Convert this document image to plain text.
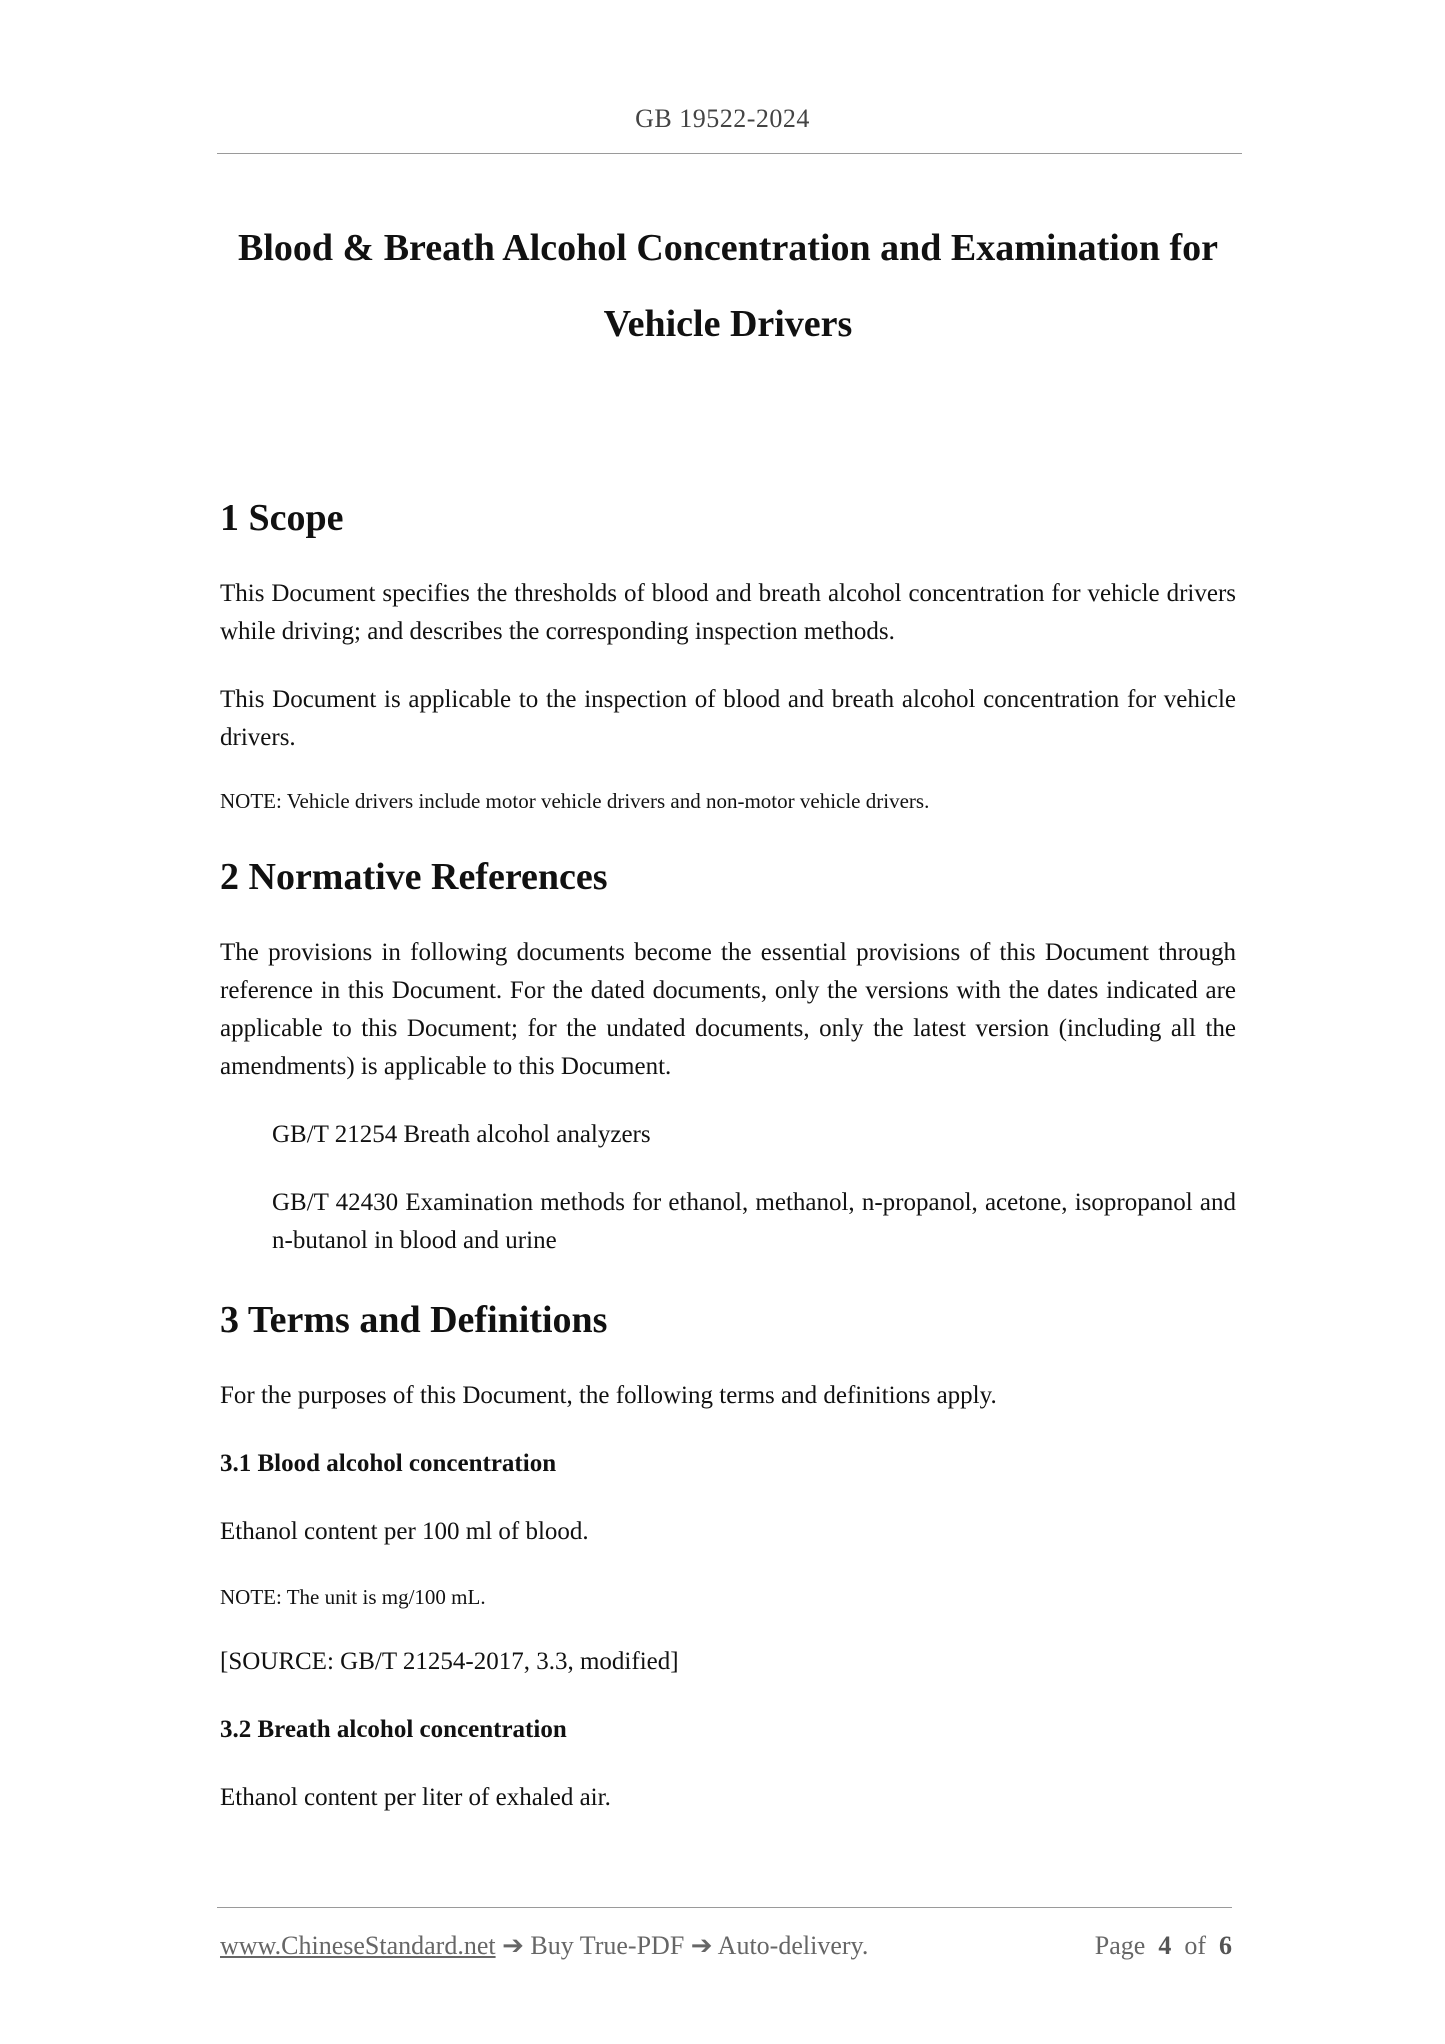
GB 19522-2024
Blood & Breath Alcohol Concentration and Examination for
Vehicle Drivers
1 Scope

This Document specifies the thresholds of blood and breath alcohol concentration for vehicle drivers while driving; and describes the corresponding inspection methods.

This Document is applicable to the inspection of blood and breath alcohol concentration for vehicle drivers.

NOTE: Vehicle drivers include motor vehicle drivers and non-motor vehicle drivers.

2 Normative References

The provisions in following documents become the essential provisions of this Document through reference in this Document. For the dated documents, only the versions with the dates indicated are applicable to this Document; for the undated documents, only the latest version (including all the amendments) is applicable to this Document.

GB/T 21254 Breath alcohol analyzers

GB/T 42430 Examination methods for ethanol, methanol, n-propanol, acetone, isopropanol and n-butanol in blood and urine

3 Terms and Definitions

For the purposes of this Document, the following terms and definitions apply.

3.1 Blood alcohol concentration

Ethanol content per 100 ml of blood.

NOTE: The unit is mg/100 mL.

[SOURCE: GB/T 21254-2017, 3.3, modified]

3.2 Breath alcohol concentration

Ethanol content per liter of exhaled air.

www.ChineseStandard.net ➔ Buy True-PDF ➔ Auto-delivery.	Page 4 of 6
